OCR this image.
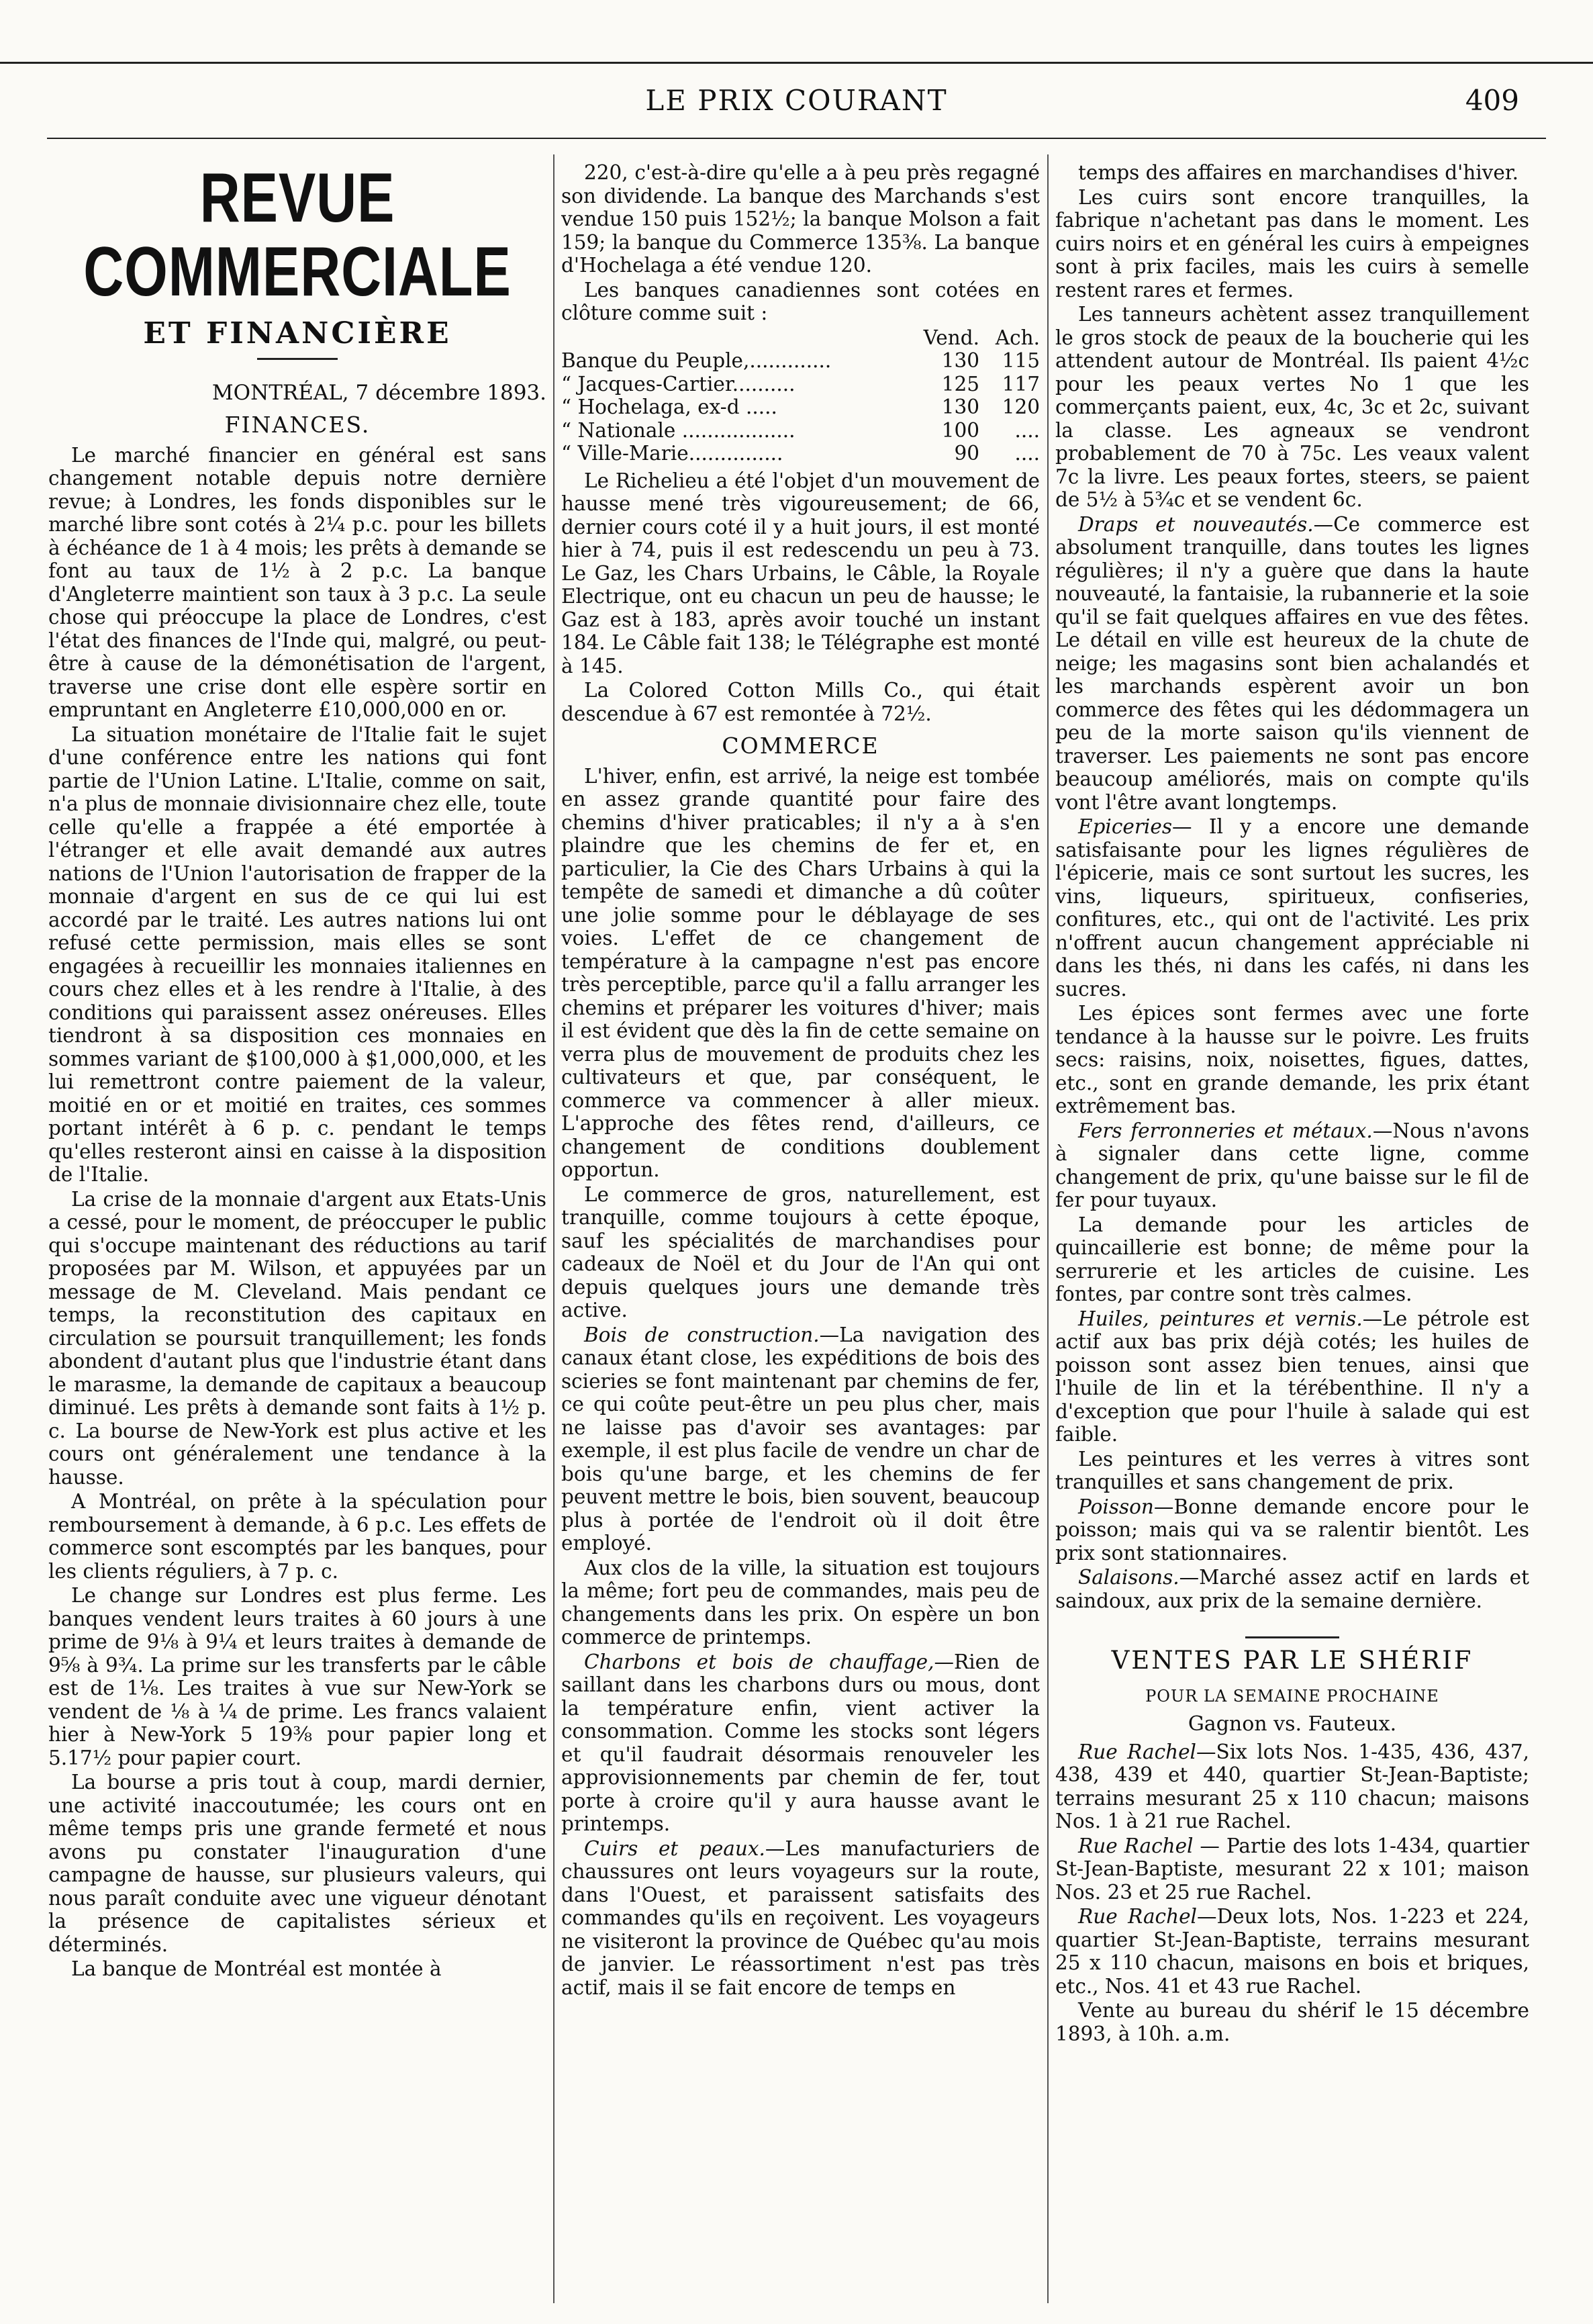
LE PRIX COURANT	409
REVUE COMMERCIALE
ET FINANCIÈRE
MONTRÉAL, 7 décembre 1893.
FINANCES.

Le marché financier en général est sans changement notable depuis notre dernière revue; à Londres, les fonds disponibles sur le marché libre sont cotés à 2¼ p.c. pour les billets à échéance de 1 à 4 mois; les prêts à demande se font au taux de 1½ à 2 p.c. La banque d'Angleterre maintient son taux à 3 p.c. La seule chose qui préoccupe la place de Londres, c'est l'état des finances de l'Inde qui, malgré, ou peut-être à cause de la démonétisation de l'argent, traverse une crise dont elle espère sortir en empruntant en Angleterre £10,000,000 en or.

La situation monétaire de l'Italie fait le sujet d'une conférence entre les nations qui font partie de l'Union Latine. L'Italie, comme on sait, n'a plus de monnaie divisionnaire chez elle, toute celle qu'elle a frappée a été emportée à l'étranger et elle avait demandé aux autres nations de l'Union l'autorisation de frapper de la monnaie d'argent en sus de ce qui lui est accordé par le traité. Les autres nations lui ont refusé cette permission, mais elles se sont engagées à recueillir les monnaies italiennes en cours chez elles et à les rendre à l'Italie, à des conditions qui paraissent assez onéreuses. Elles tiendront à sa disposition ces monnaies en sommes variant de $100,000 à $1,000,000, et les lui remettront contre paiement de la valeur, moitié en or et moitié en traites, ces sommes portant intérêt à 6 p. c. pendant le temps qu'elles resteront ainsi en caisse à la disposition de l'Italie.

La crise de la monnaie d'argent aux Etats-Unis a cessé, pour le moment, de préoccuper le public qui s'occupe maintenant des réductions au tarif proposées par M. Wilson, et appuyées par un message de M. Cleveland. Mais pendant ce temps, la reconstitution des capitaux en circulation se poursuit tranquillement; les fonds abondent d'autant plus que l'industrie étant dans le marasme, la demande de capitaux a beaucoup diminué. Les prêts à demande sont faits à 1½ p. c. La bourse de New-York est plus active et les cours ont généralement une tendance à la hausse.

A Montréal, on prête à la spéculation pour remboursement à demande, à 6 p.c. Les effets de commerce sont escomptés par les banques, pour les clients réguliers, à 7 p. c.

Le change sur Londres est plus ferme. Les banques vendent leurs traites à 60 jours à une prime de 9⅛ à 9¼ et leurs traites à demande de 9⅝ à 9¾. La prime sur les transferts par le câble est de 1⅛. Les traites à vue sur New-York se vendent de ⅛ à ¼ de prime. Les francs valaient hier à New-York 5 19⅜ pour papier long et 5.17½ pour papier court.

La bourse a pris tout à coup, mardi dernier, une activité inaccoutumée; les cours ont en même temps pris une grande fermeté et nous avons pu constater l'inauguration d'une campagne de hausse, sur plusieurs valeurs, qui nous paraît conduite avec une vigueur dénotant la présence de capitalistes sérieux et déterminés.

La banque de Montréal est montée à

220, c'est-à-dire qu'elle a à peu près regagné son dividende. La banque des Marchands s'est vendue 150 puis 152½; la banque Molson a fait 159; la banque du Commerce 135⅜. La banque d'Hochelaga a été vendue 120.

Les banques canadiennes sont cotées en clôture comme suit :

	Vend.	Ach.
Banque du Peuple,.............	130	115
“ Jacques-Cartier..........	125	117
“ Hochelaga, ex-d .....	130	120
“ Nationale ..................	100	....
“ Ville-Marie...............	90	....

Le Richelieu a été l'objet d'un mouvement de hausse mené très vigoureusement; de 66, dernier cours coté il y a huit jours, il est monté hier à 74, puis il est redescendu un peu à 73. Le Gaz, les Chars Urbains, le Câble, la Royale Electrique, ont eu chacun un peu de hausse; le Gaz est à 183, après avoir touché un instant 184. Le Câble fait 138; le Télégraphe est monté à 145.

La Colored Cotton Mills Co., qui était descendue à 67 est remontée à 72½.

COMMERCE

L'hiver, enfin, est arrivé, la neige est tombée en assez grande quantité pour faire des chemins d'hiver praticables; il n'y a à s'en plaindre que les chemins de fer et, en particulier, la Cie des Chars Urbains à qui la tempête de samedi et dimanche a dû coûter une jolie somme pour le déblayage de ses voies. L'effet de ce changement de température à la campagne n'est pas encore très perceptible, parce qu'il a fallu arranger les chemins et préparer les voitures d'hiver; mais il est évident que dès la fin de cette semaine on verra plus de mouvement de produits chez les cultivateurs et que, par conséquent, le commerce va commencer à aller mieux. L'approche des fêtes rend, d'ailleurs, ce changement de conditions doublement opportun.

Le commerce de gros, naturellement, est tranquille, comme toujours à cette époque, sauf les spécialités de marchandises pour cadeaux de Noël et du Jour de l'An qui ont depuis quelques jours une demande très active.

Bois de construction.—La navigation des canaux étant close, les expéditions de bois des scieries se font maintenant par chemins de fer, ce qui coûte peut-être un peu plus cher, mais ne laisse pas d'avoir ses avantages: par exemple, il est plus facile de vendre un char de bois qu'une barge, et les chemins de fer peuvent mettre le bois, bien souvent, beaucoup plus à portée de l'endroit où il doit être employé.

Aux clos de la ville, la situation est toujours la même; fort peu de commandes, mais peu de changements dans les prix. On espère un bon commerce de printemps.

Charbons et bois de chauffage,—Rien de saillant dans les charbons durs ou mous, dont la température enfin, vient activer la consommation. Comme les stocks sont légers et qu'il faudrait désormais renouveler les approvisionnements par chemin de fer, tout porte à croire qu'il y aura hausse avant le printemps.

Cuirs et peaux.—Les manufacturiers de chaussures ont leurs voyageurs sur la route, dans l'Ouest, et paraissent satisfaits des commandes qu'ils en reçoivent. Les voyageurs ne visiteront la province de Québec qu'au mois de janvier. Le réassortiment n'est pas très actif, mais il se fait encore de temps en

temps des affaires en marchandises d'hiver.

Les cuirs sont encore tranquilles, la fabrique n'achetant pas dans le moment. Les cuirs noirs et en général les cuirs à empeignes sont à prix faciles, mais les cuirs à semelle restent rares et fermes.

Les tanneurs achètent assez tranquillement le gros stock de peaux de la boucherie qui les attendent autour de Montréal. Ils paient 4½c pour les peaux vertes No 1 que les commerçants paient, eux, 4c, 3c et 2c, suivant la classe. Les agneaux se vendront probablement de 70 à 75c. Les veaux valent 7c la livre. Les peaux fortes, steers, se paient de 5½ à 5¾c et se vendent 6c.

Draps et nouveautés.—Ce commerce est absolument tranquille, dans toutes les lignes régulières; il n'y a guère que dans la haute nouveauté, la fantaisie, la rubannerie et la soie qu'il se fait quelques affaires en vue des fêtes. Le détail en ville est heureux de la chute de neige; les magasins sont bien achalandés et les marchands espèrent avoir un bon commerce des fêtes qui les dédommagera un peu de la morte saison qu'ils viennent de traverser. Les paiements ne sont pas encore beaucoup améliorés, mais on compte qu'ils vont l'être avant longtemps.

Epiceries— Il y a encore une demande satisfaisante pour les lignes régulières de l'épicerie, mais ce sont surtout les sucres, les vins, liqueurs, spiritueux, confiseries, confitures, etc., qui ont de l'activité. Les prix n'offrent aucun changement appréciable ni dans les thés, ni dans les cafés, ni dans les sucres.

Les épices sont fermes avec une forte tendance à la hausse sur le poivre. Les fruits secs: raisins, noix, noisettes, figues, dattes, etc., sont en grande demande, les prix étant extrêmement bas.

Fers ferronneries et métaux.—Nous n'avons à signaler dans cette ligne, comme changement de prix, qu'une baisse sur le fil de fer pour tuyaux.

La demande pour les articles de quincaillerie est bonne; de même pour la serrurerie et les articles de cuisine. Les fontes, par contre sont très calmes.

Huiles, peintures et vernis.—Le pétrole est actif aux bas prix déjà cotés; les huiles de poisson sont assez bien tenues, ainsi que l'huile de lin et la térébenthine. Il n'y a d'exception que pour l'huile à salade qui est faible.

Les peintures et les verres à vitres sont tranquilles et sans changement de prix.

Poisson—Bonne demande encore pour le poisson; mais qui va se ralentir bientôt. Les prix sont stationnaires.

Salaisons.—Marché assez actif en lards et saindoux, aux prix de la semaine dernière.

VENTES PAR LE SHÉRIF
POUR LA SEMAINE PROCHAINE
Gagnon vs. Fauteux.

Rue Rachel—Six lots Nos. 1-435, 436, 437, 438, 439 et 440, quartier St-Jean-Baptiste; terrains mesurant 25 x 110 chacun; maisons Nos. 1 à 21 rue Rachel.

Rue Rachel — Partie des lots 1-434, quartier St-Jean-Baptiste, mesurant 22 x 101; maison Nos. 23 et 25 rue Rachel.

Rue Rachel—Deux lots, Nos. 1-223 et 224, quartier St-Jean-Baptiste, terrains mesurant 25 x 110 chacun, maisons en bois et briques, etc., Nos. 41 et 43 rue Rachel.

Vente au bureau du shérif le 15 décembre 1893, à 10h. a.m.
